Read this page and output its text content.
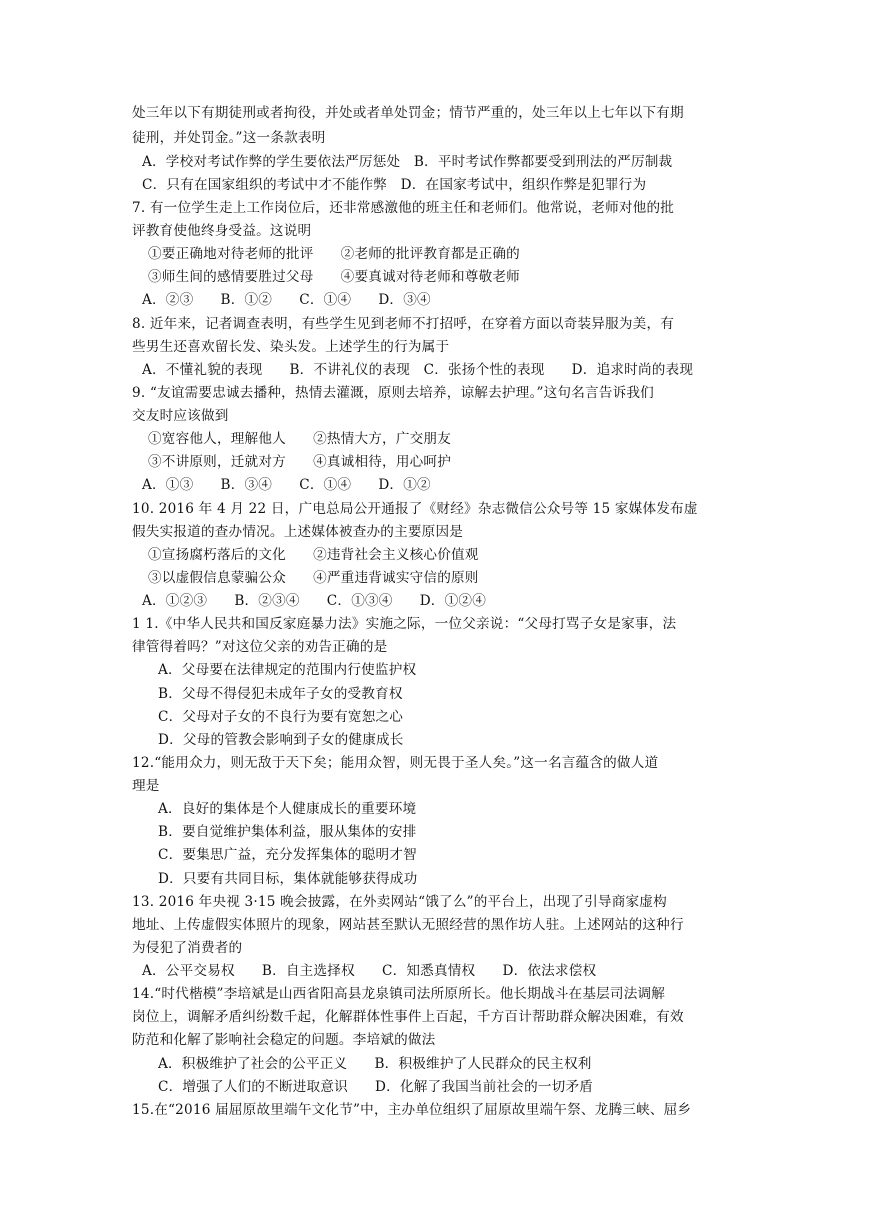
处三年以下有期徒刑或者拘役，并处或者单处罚金；情节严重的，处三年以上七年以下有期
徒刑，并处罚金。”这一条款表明
A．学校对考试作弊的学生要依法严厉惩处   B．平时考试作弊都要受到刑法的严厉制裁
C．只有在国家组织的考试中才不能作弊   D．在国家考试中，组织作弊是犯罪行为
7. 有一位学生走上工作岗位后，还非常感激他的班主任和老师们。他常说，老师对他的批
评教育使他终身受益。这说明
①要正确地对待老师的批评      ②老师的批评教育都是正确的
③师生间的感情要胜过父母      ④要真诚对待老师和尊敬老师
A．②③      B．①②      C．①④      D．③④
8. 近年来，记者调查表明，有些学生见到老师不打招呼，在穿着方面以奇装异服为美，有
些男生还喜欢留长发、染头发。上述学生的行为属于
A．不懂礼貌的表现      B．不讲礼仪的表现   C．张扬个性的表现      D．追求时尚的表现
9. “友谊需要忠诚去播种，热情去灌溉，原则去培养，谅解去护理。”这句名言告诉我们
交友时应该做到
①宽容他人，理解他人      ②热情大方，广交朋友
③不讲原则，迁就对方      ④真诚相待，用心呵护
A．①③      B．③④      C．①④      D．①②
10. 2016 年 4 月 22 日，广电总局公开通报了《财经》杂志微信公众号等 15 家媒体发布虚
假失实报道的查办情况。上述媒体被查办的主要原因是
①宣扬腐朽落后的文化      ②违背社会主义核心价值观
③以虚假信息蒙骗公众      ④严重违背诚实守信的原则
A．①②③      B．②③④      C．①③④      D．①②④
1 1.《中华人民共和国反家庭暴力法》实施之际，一位父亲说：“父母打骂子女是家事，法
律管得着吗？”对这位父亲的劝告正确的是
A．父母要在法律规定的范围内行使监护权
B．父母不得侵犯未成年子女的受教育权
C．父母对子女的不良行为要有宽恕之心
D．父母的管教会影响到子女的健康成长
12.“能用众力，则无敌于天下矣；能用众智，则无畏于圣人矣。”这一名言蕴含的做人道
理是
A．良好的集体是个人健康成长的重要环境
B．要自觉维护集体利益，服从集体的安排
C．要集思广益，充分发挥集体的聪明才智
D．只要有共同目标，集体就能够获得成功
13. 2016 年央视 3·15 晚会披露，在外卖网站“饿了么”的平台上，出现了引导商家虚构
地址、上传虚假实体照片的现象，网站甚至默认无照经营的黑作坊人驻。上述网站的这种行
为侵犯了消费者的
A．公平交易权      B．自主选择权      C．知悉真情权      D．依法求偿权
14.“时代楷模”李培斌是山西省阳高县龙泉镇司法所原所长。他长期战斗在基层司法调解
岗位上，调解矛盾纠纷数千起，化解群体性事件上百起，千方百计帮助群众解决困难，有效
防范和化解了影响社会稳定的问题。李培斌的做法
A．积极维护了社会的公平正义      B．积极维护了人民群众的民主权利
C．增强了人们的不断进取意识      D．化解了我国当前社会的一切矛盾
15.在“2016 届屈原故里端午文化节”中，主办单位组织了屈原故里端午祭、龙腾三峡、屈乡
